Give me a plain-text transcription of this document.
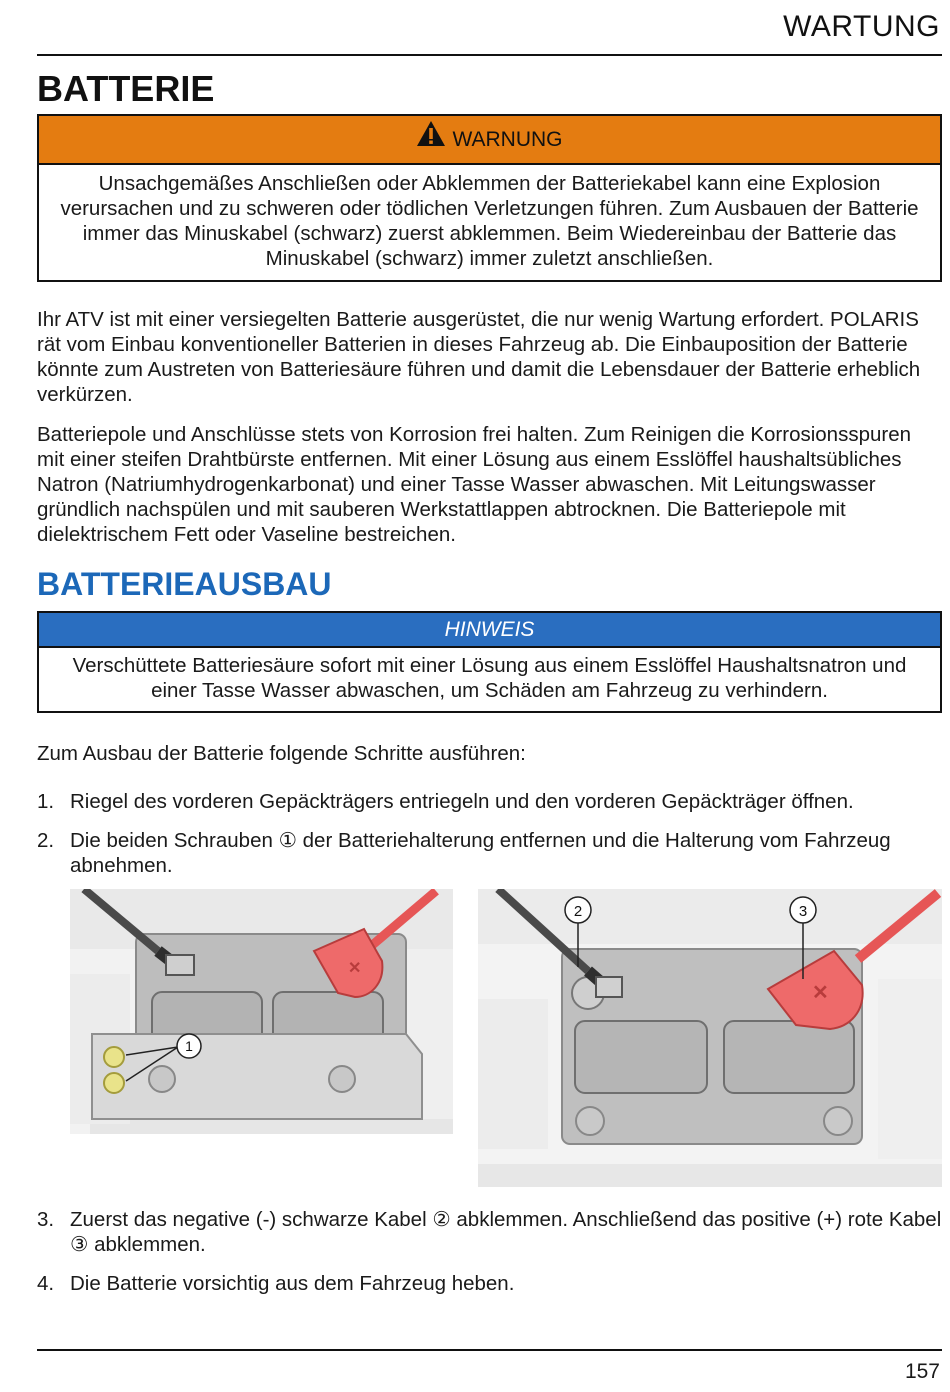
WARTUNG
BATTERIE
WARNUNG
Unsachgemäßes Anschließen oder Abklemmen der Batteriekabel kann eine Explosion verursachen und zu schweren oder tödlichen Verletzungen führen. Zum Ausbauen der Batterie immer das Minuskabel (schwarz) zuerst abklemmen. Beim Wiedereinbau der Batterie das Minuskabel (schwarz) immer zuletzt anschließen.
Ihr ATV ist mit einer versiegelten Batterie ausgerüstet, die nur wenig Wartung erfordert. POLARIS rät vom Einbau konventioneller Batterien in dieses Fahrzeug ab. Die Einbauposition der Batterie könnte zum Austreten von Batteriesäure führen und damit die Lebensdauer der Batterie erheblich verkürzen.
Batteriepole und Anschlüsse stets von Korrosion frei halten. Zum Reinigen die Korrosionsspuren mit einer steifen Drahtbürste entfernen. Mit einer Lösung aus einem Esslöffel haushaltsübliches Natron (Natriumhydrogenkarbonat) und einer Tasse Wasser abwaschen. Mit Leitungswasser gründlich nachspülen und mit sauberen Werkstattlappen abtrocknen. Die Batteriepole mit dielektrischem Fett oder Vaseline bestreichen.
BATTERIEAUSBAU
HINWEIS
Verschüttete Batteriesäure sofort mit einer Lösung aus einem Esslöffel Haushaltsnatron und einer Tasse Wasser abwaschen, um Schäden am Fahrzeug zu verhindern.
Zum Ausbau der Batterie folgende Schritte ausführen:
1. Riegel des vorderen Gepäckträgers entriegeln und den vorderen Gepäckträger öffnen.
2. Die beiden Schrauben ① der Batteriehalterung entfernen und die Halterung vom Fahrzeug abnehmen.
✕
1
✕
2	3
3. Zuerst das negative (-) schwarze Kabel ② abklemmen. Anschließend das positive (+) rote Kabel ③ abklemmen.
4. Die Batterie vorsichtig aus dem Fahrzeug heben.
157
